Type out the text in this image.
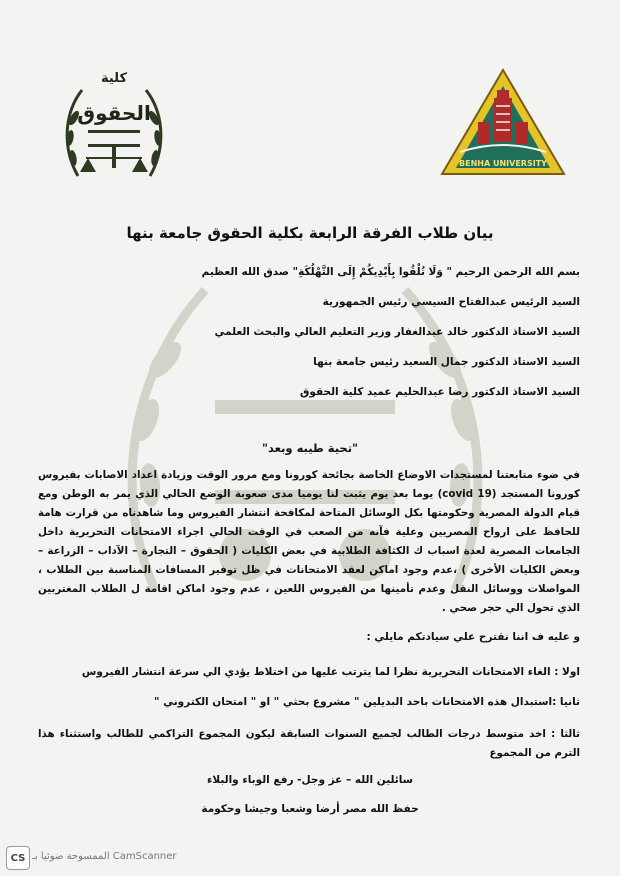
كلية
الحقوق
BENHA UNIVERSITY
بيان طلاب الفرقة الرابعة بكلية الحقوق جامعة بنها
بسم الله الرحمن الرحيم " وَلَا تُلْقُوا بِأَيْدِيكُمْ إِلَى التَّهْلُكَةِ" صدق الله العظيم
السيد الرئيس عبدالفتاح السيسي رئيس الجمهورية
السيد الاستاذ الدكتور خالد عبدالغفار وزير التعليم العالي والبحث العلمي
السيد الاستاذ الدكتور جمال السعيد رئيس جامعة بنها
السيد الاستاذ الدكتور رضا عبدالحليم عميد كلية الحقوق
"تحية طيبه وبعد"
في ضوء متابعتنا لمستجدات الاوضاع الخاصة بجائحة كورونا ومع مرور الوقت وزيادة اعداد الاصابات بفيروس كورونا المستجد (covid 19) يوما بعد يوم يثبت لنا يوميا مدى صعوبة الوضع الحالي الذي يمر به الوطن ومع قيام الدولة المصرية وحكومتها بكل الوسائل المتاحة لمكافحة انتشار الفيروس وما شاهدناه من قرارت هامة للحافظ على ارواح المصريين وعلية فآنه من الصعب في الوقت الحالي اجراء الامتحانات التحريرية داخل الجامعات المصرية لعدة اسباب ك الكثافة الطلابية في بعض الكليات ( الحقوق – التجارة – الآداب – الزراعة – وبعض الكليات الأخرى ) ،عدم وجود اماكن لعقد الامتحانات في ظل توفير المسافات المناسبة بين الطلاب ، المواصلات ووسائل النقل وعدم تأمينها من الفيروس اللعين ، عدم وجود اماكن اقامة ل الطلاب المغتربين الذي تحول الي حجر صحي .
و عليه ف اننا نقترح علي سيادتكم مايلي :
اولا : الغاء الامتحانات التحريرية نظرا لما يترتب عليها من اختلاط يؤدي الي سرعة انتشار الفيروس
ثانيا :استبدال هذه الامتحانات باحد البديلين " مشروع بحثي " او " امتحان الكتروني "
ثالثا : اخد متوسط درجات الطالب لجميع السنوات السابقة ليكون المجموع التراكمي للطالب واستثناء هذا الترم من المجموع
سائلين الله – عز وجل- رفع الوباء والبلاء
حفظ الله مصر أرضا وشعبا وجيشا وحكومة
CS الممسوحة ضوئيا بـ CamScanner
